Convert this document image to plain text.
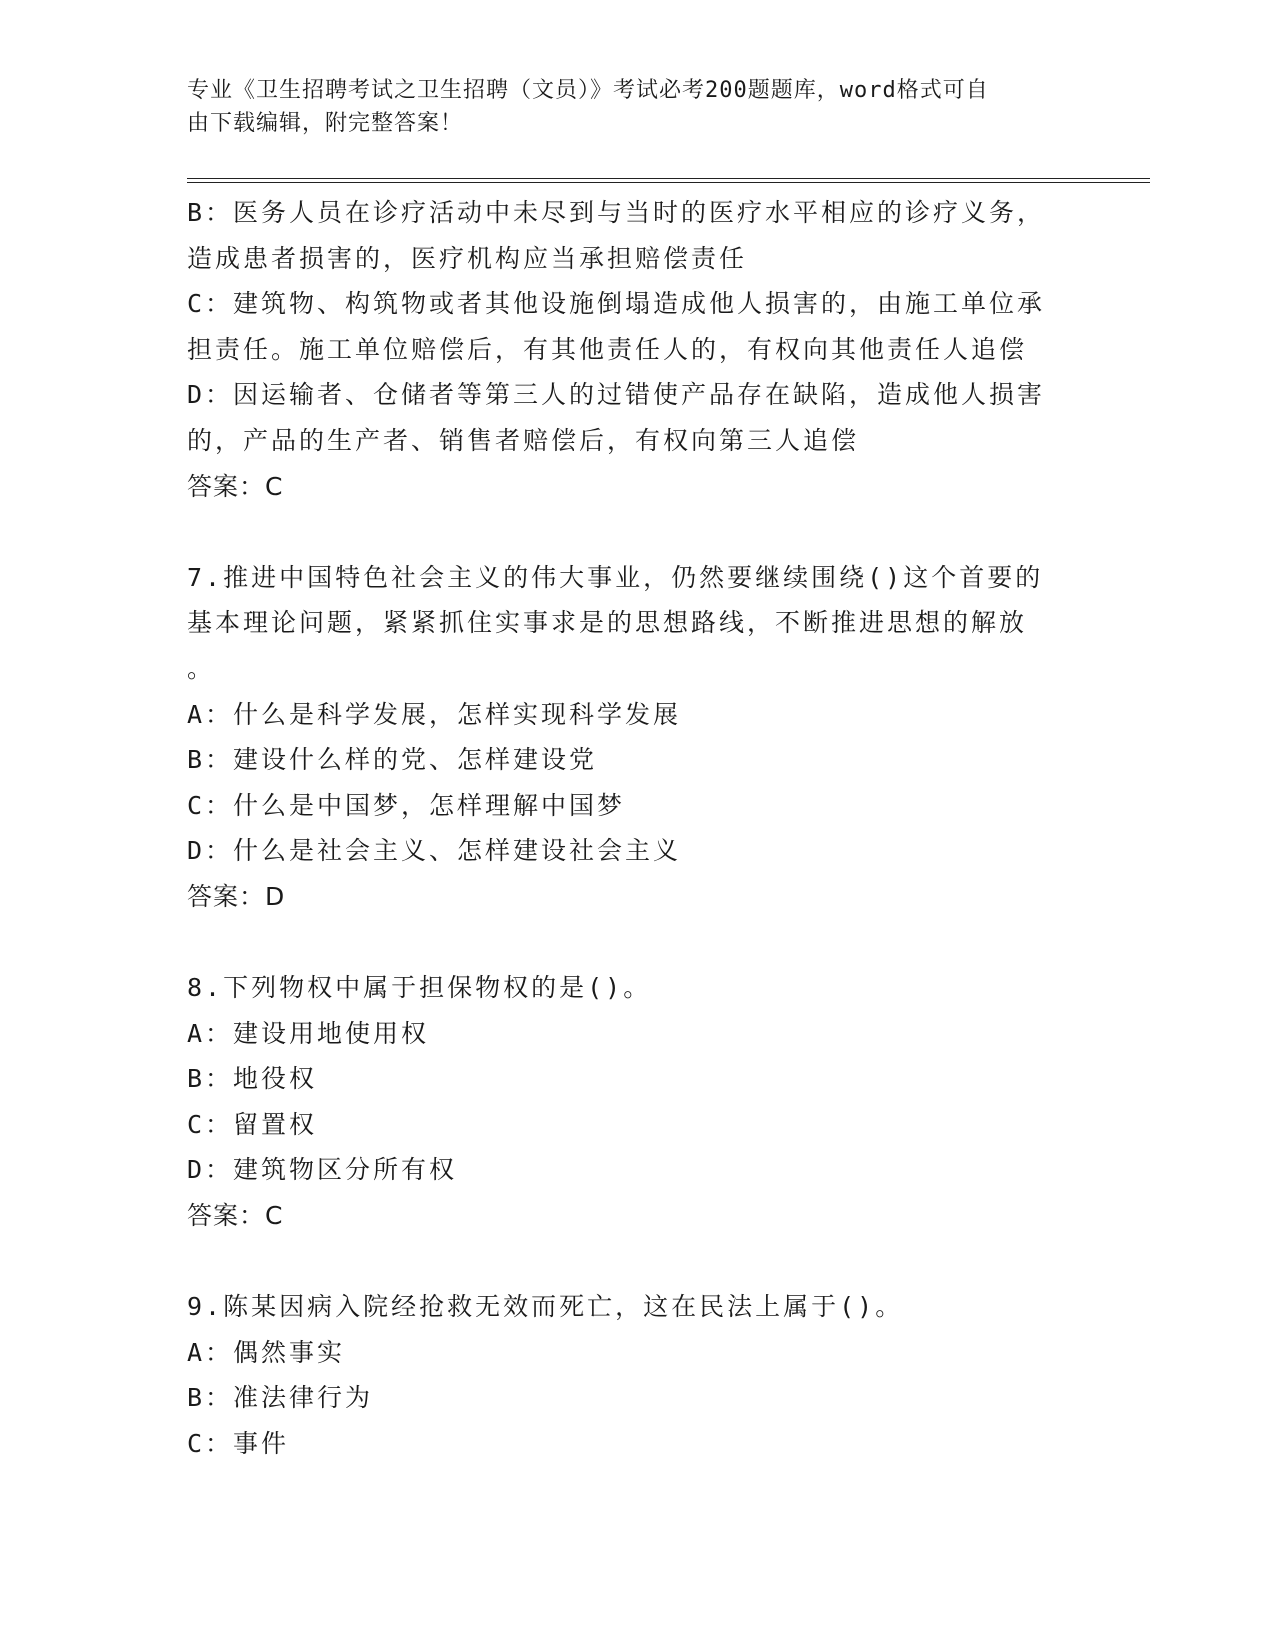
专业《卫生招聘考试之卫生招聘（文员）》考试必考200题题库，word格式可自
由下载编辑，附完整答案！
B：医务人员在诊疗活动中未尽到与当时的医疗水平相应的诊疗义务，
造成患者损害的，医疗机构应当承担赔偿责任
C：建筑物、构筑物或者其他设施倒塌造成他人损害的，由施工单位承
担责任。施工单位赔偿后，有其他责任人的，有权向其他责任人追偿
D：因运输者、仓储者等第三人的过错使产品存在缺陷，造成他人损害
的，产品的生产者、销售者赔偿后，有权向第三人追偿
答案：C
7.推进中国特色社会主义的伟大事业，仍然要继续围绕()这个首要的
基本理论问题，紧紧抓住实事求是的思想路线，不断推进思想的解放
。
A：什么是科学发展，怎样实现科学发展
B：建设什么样的党、怎样建设党
C：什么是中国梦，怎样理解中国梦
D：什么是社会主义、怎样建设社会主义
答案：D
8.下列物权中属于担保物权的是()。
A：建设用地使用权
B：地役权
C：留置权
D：建筑物区分所有权
答案：C
9.陈某因病入院经抢救无效而死亡，这在民法上属于()。
A：偶然事实
B：准法律行为
C：事件
